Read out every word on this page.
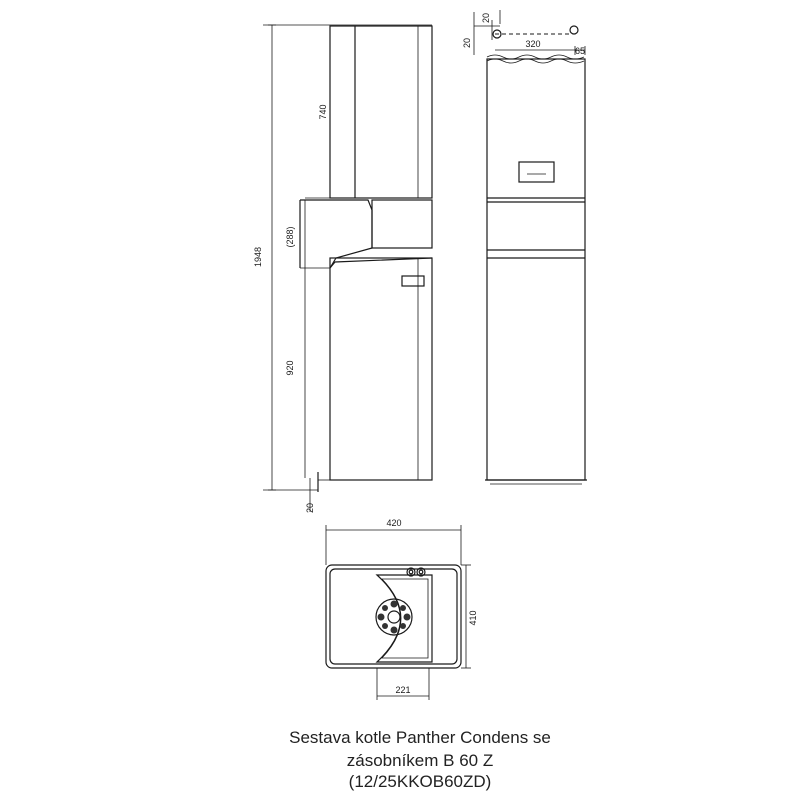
1948
740
(288)
920
20
20
20	320
65
420
410
221
Sestava kotle Panther Condens se
zásobníkem B 60 Z
(12/25KKOB60ZD)
